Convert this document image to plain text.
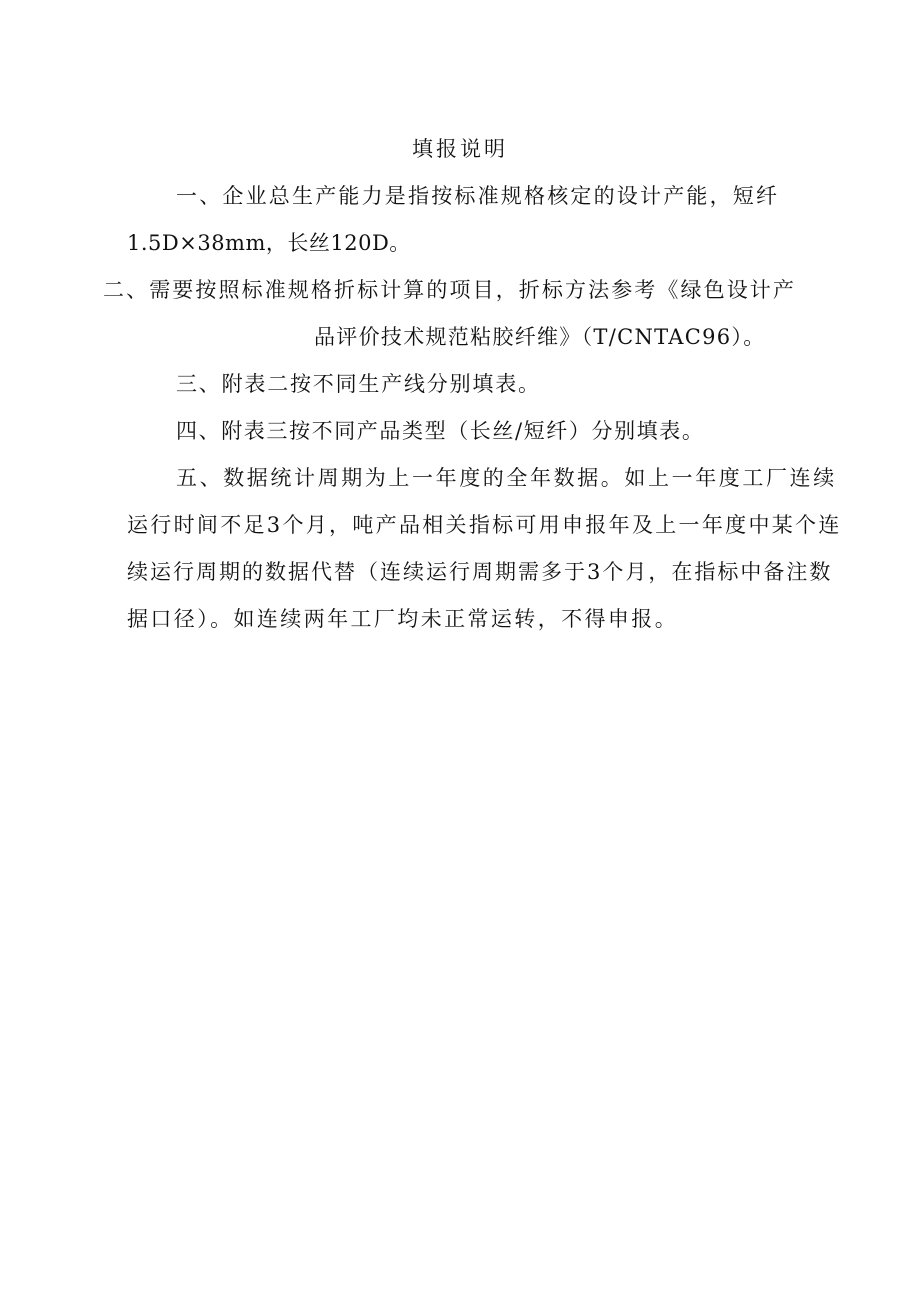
填报说明
一、企业总生产能力是指按标准规格核定的设计产能，短纤
1.5D×38mm，长丝120D。
二、需要按照标准规格折标计算的项目，折标方法参考《绿色设计产
品评价技术规范粘胶纤维》（T/CNTAC96）。
三、附表二按不同生产线分别填表。
四、附表三按不同产品类型（长丝/短纤）分别填表。
五、数据统计周期为上一年度的全年数据。如上一年度工厂连续
运行时间不足3个月，吨产品相关指标可用申报年及上一年度中某个连
续运行周期的数据代替（连续运行周期需多于3个月，在指标中备注数
据口径）。如连续两年工厂均未正常运转，不得申报。
